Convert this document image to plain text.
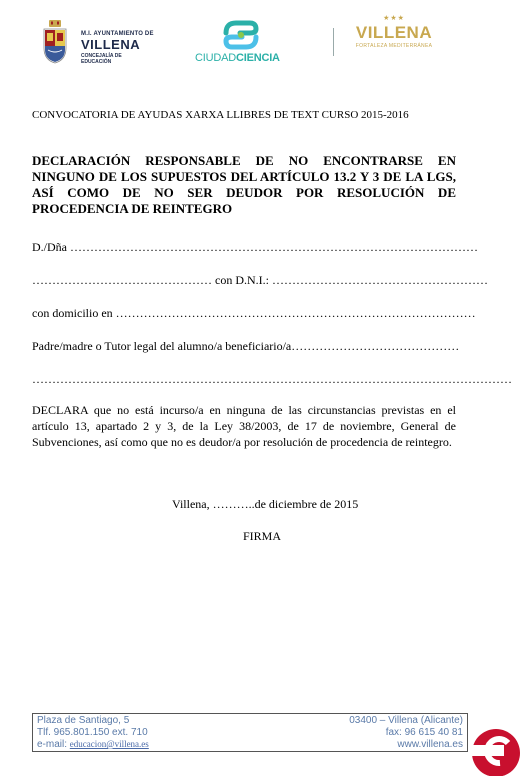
M.I. AYUNTAMIENTO DE
VILLENA
CONCEJALÍA DE
EDUCACIÓN	CIUDADCIENCIA
★★★
VILLENA
FORTALEZA MEDITERRÁNEA

CONVOCATORIA DE AYUDAS XARXA LLIBRES DE TEXT CURSO 2015-2016

DECLARACIÓN RESPONSABLE DE NO ENCONTRARSE EN NINGUNO DE LOS SUPUESTOS DEL ARTÍCULO 13.2 Y 3 DE LA LGS, ASÍ COMO DE NO SER DEUDOR POR RESOLUCIÓN DE PROCEDENCIA DE REINTEGRO

D./Dña …………………………………………………………………………………………

……………………………………… con D.N.I.: ………………………………………………

con domicilio en ………………………………………………………………………………

Padre/madre o Tutor legal del alumno/a beneficiario/a……………………………………

…………………………………………………………………………………………………………

DECLARA que no está incurso/a en ninguna de las circunstancias previstas en el artículo 13, apartado 2 y 3, de la Ley 38/2003, de 17 de noviembre, General de Subvenciones, así como que no es deudor/a por resolución de procedencia de reintegro.

Villena, ………..de diciembre de 2015

FIRMA

Plaza de Santiago, 5	03400 – Villena (Alicante)
Tlf. 965.801.150 ext. 710	fax: 96 615 40 81
e-mail: educacion@villena.es	www.villena.es
